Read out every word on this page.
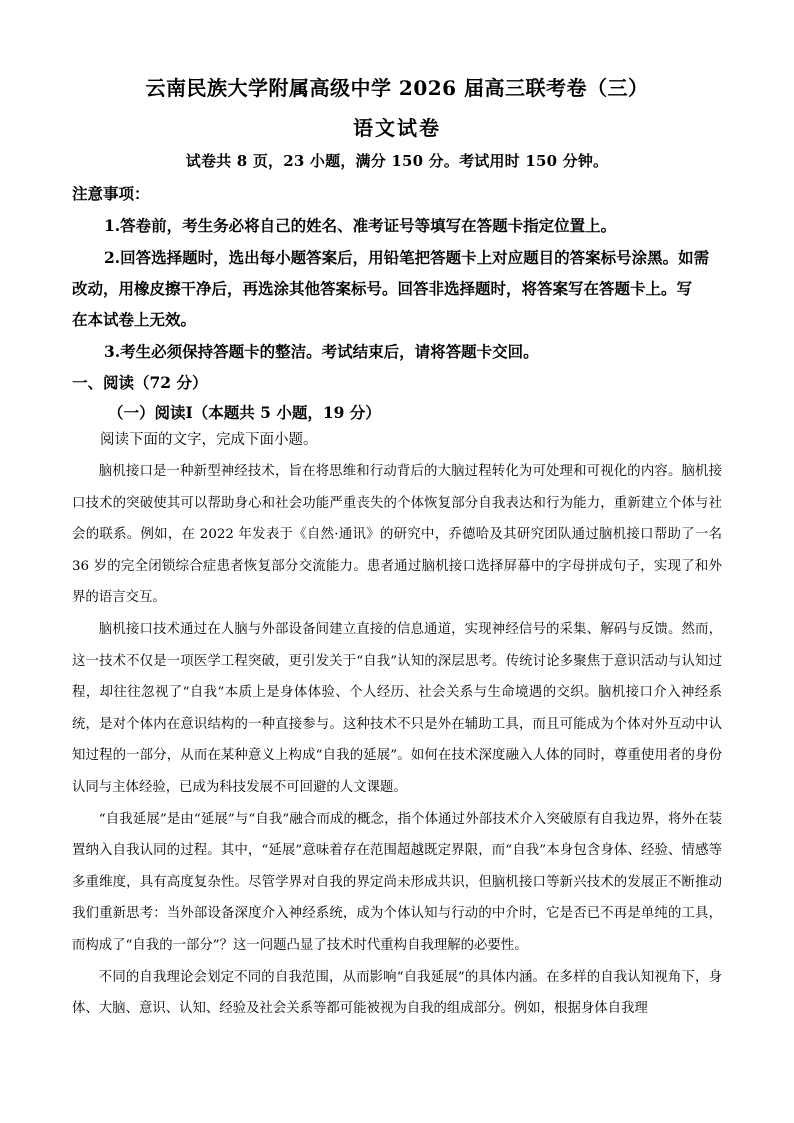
云南民族大学附属高级中学 2026 届高三联考卷（三）
语文试卷
试卷共 8 页，23 小题，满分 150 分。考试用时 150 分钟。
注意事项：
1.答卷前，考生务必将自己的姓名、准考证号等填写在答题卡指定位置上。
2.回答选择题时，选出每小题答案后，用铅笔把答题卡上对应题目的答案标号涂黑。如需
改动，用橡皮擦干净后，再选涂其他答案标号。回答非选择题时，将答案写在答题卡上。写
在本试卷上无效。
3.考生必须保持答题卡的整洁。考试结束后，请将答题卡交回。
一、阅读（72 分）
（一）阅读Ⅰ（本题共 5 小题，19 分）
阅读下面的文字，完成下面小题。

脑机接口是一种新型神经技术，旨在将思维和行动背后的大脑过程转化为可处理和可视化的内容。脑机接口技术的突破使其可以帮助身心和社会功能严重丧失的个体恢复部分自我表达和行为能力，重新建立个体与社会的联系。例如，在 2022 年发表于《自然·通讯》的研究中，乔德哈及其研究团队通过脑机接口帮助了一名 36 岁的完全闭锁综合症患者恢复部分交流能力。患者通过脑机接口选择屏幕中的字母拼成句子，实现了和外界的语言交互。

脑机接口技术通过在人脑与外部设备间建立直接的信息通道，实现神经信号的采集、解码与反馈。然而，这一技术不仅是一项医学工程突破，更引发关于“自我”认知的深层思考。传统讨论多聚焦于意识活动与认知过程，却往往忽视了“自我”本质上是身体体验、个人经历、社会关系与生命境遇的交织。脑机接口介入神经系统，是对个体内在意识结构的一种直接参与。这种技术不只是外在辅助工具，而且可能成为个体对外互动中认知过程的一部分，从而在某种意义上构成“自我的延展”。如何在技术深度融入人体的同时，尊重使用者的身份认同与主体经验，已成为科技发展不可回避的人文课题。

“自我延展”是由“延展”与“自我”融合而成的概念，指个体通过外部技术介入突破原有自我边界，将外在装置纳入自我认同的过程。其中，“延展”意味着存在范围超越既定界限，而“自我”本身包含身体、经验、情感等多重维度，具有高度复杂性。尽管学界对自我的界定尚未形成共识，但脑机接口等新兴技术的发展正不断推动我们重新思考：当外部设备深度介入神经系统，成为个体认知与行动的中介时，它是否已不再是单纯的工具，而构成了“自我的一部分”？这一问题凸显了技术时代重构自我理解的必要性。

不同的自我理论会划定不同的自我范围，从而影响“自我延展”的具体内涵。在多样的自我认知视角下，身体、大脑、意识、认知、经验及社会关系等都可能被视为自我的组成部分。例如，根据身体自我理
